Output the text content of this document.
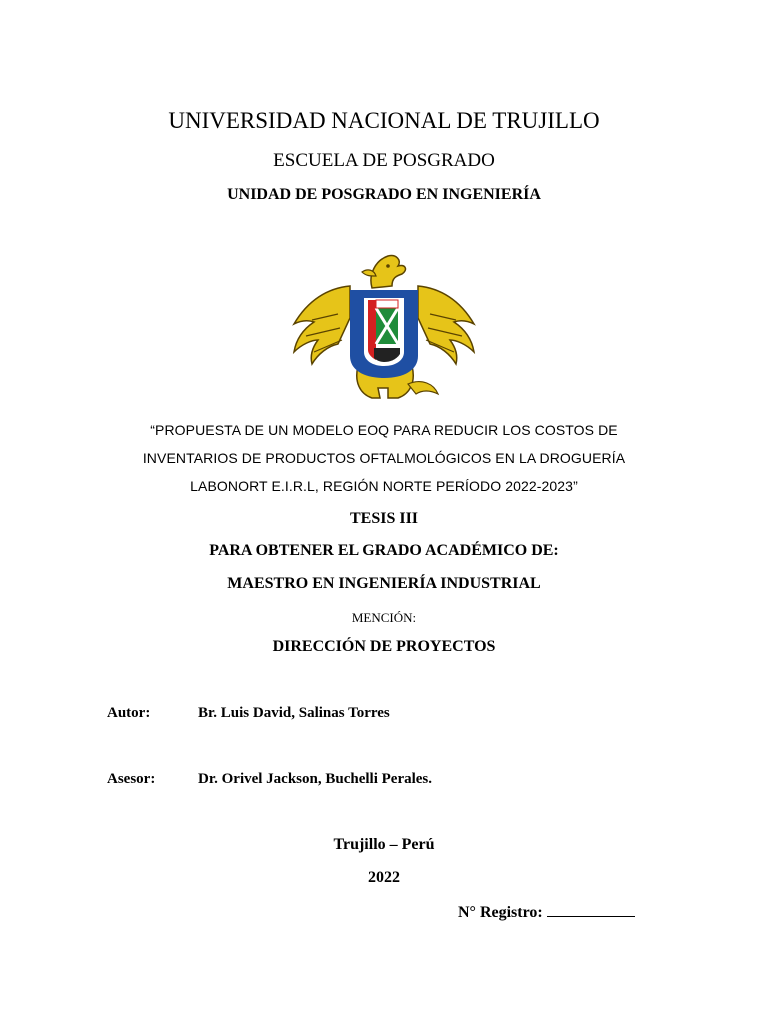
UNIVERSIDAD NACIONAL DE TRUJILLO
ESCUELA DE POSGRADO
UNIDAD DE POSGRADO EN INGENIERÍA
“PROPUESTA DE UN MODELO EOQ PARA REDUCIR LOS COSTOS DE
INVENTARIOS DE PRODUCTOS OFTALMOLÓGICOS EN LA DROGUERÍA
LABONORT E.I.R.L, REGIÓN NORTE PERÍODO 2022-2023”
TESIS III
PARA OBTENER EL GRADO ACADÉMICO DE:
MAESTRO EN INGENIERÍA INDUSTRIAL
MENCIÓN:
DIRECCIÓN DE PROYECTOS
Autor:	Br. Luis David, Salinas Torres
Asesor:	Dr. Orivel Jackson, Buchelli Perales.
Trujillo – Perú
2022
N° Registro:
